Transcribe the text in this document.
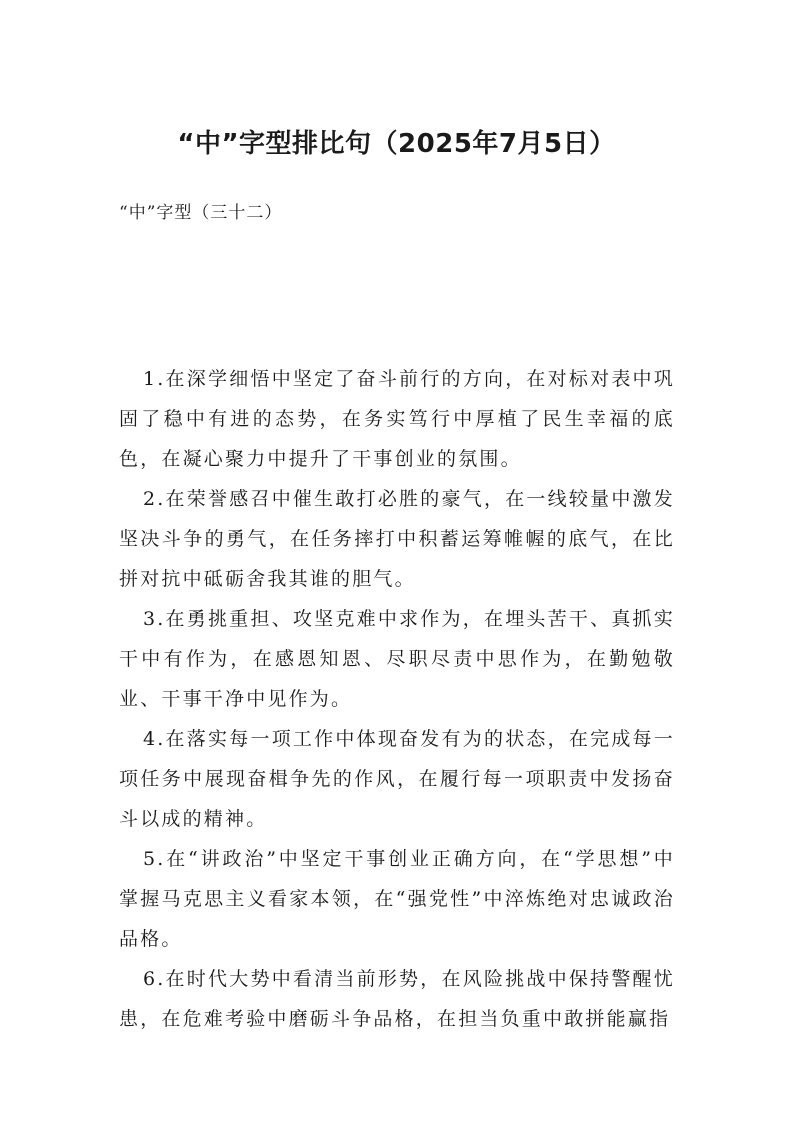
“中”字型排比句（2025年7月5日）
“中”字型（三十二）

1.在深学细悟中坚定了奋斗前行的方向，在对标对表中巩固了稳中有进的态势，在务实笃行中厚植了民生幸福的底色，在凝心聚力中提升了干事创业的氛围。

2.在荣誉感召中催生敢打必胜的豪气，在一线较量中激发坚决斗争的勇气，在任务摔打中积蓄运筹帷幄的底气，在比拼对抗中砥砺舍我其谁的胆气。

3.在勇挑重担、攻坚克难中求作为，在埋头苦干、真抓实干中有作为，在感恩知恩、尽职尽责中思作为，在勤勉敬业、干事干净中见作为。

4.在落实每一项工作中体现奋发有为的状态，在完成每一项任务中展现奋楫争先的作风，在履行每一项职责中发扬奋斗以成的精神。

5.在“讲政治”中坚定干事创业正确方向，在“学思想”中掌握马克思主义看家本领，在“强党性”中淬炼绝对忠诚政治品格。

6.在时代大势中看清当前形势，在风险挑战中保持警醒忧患，在危难考验中磨砺斗争品格，在担当负重中敢拼能赢指
